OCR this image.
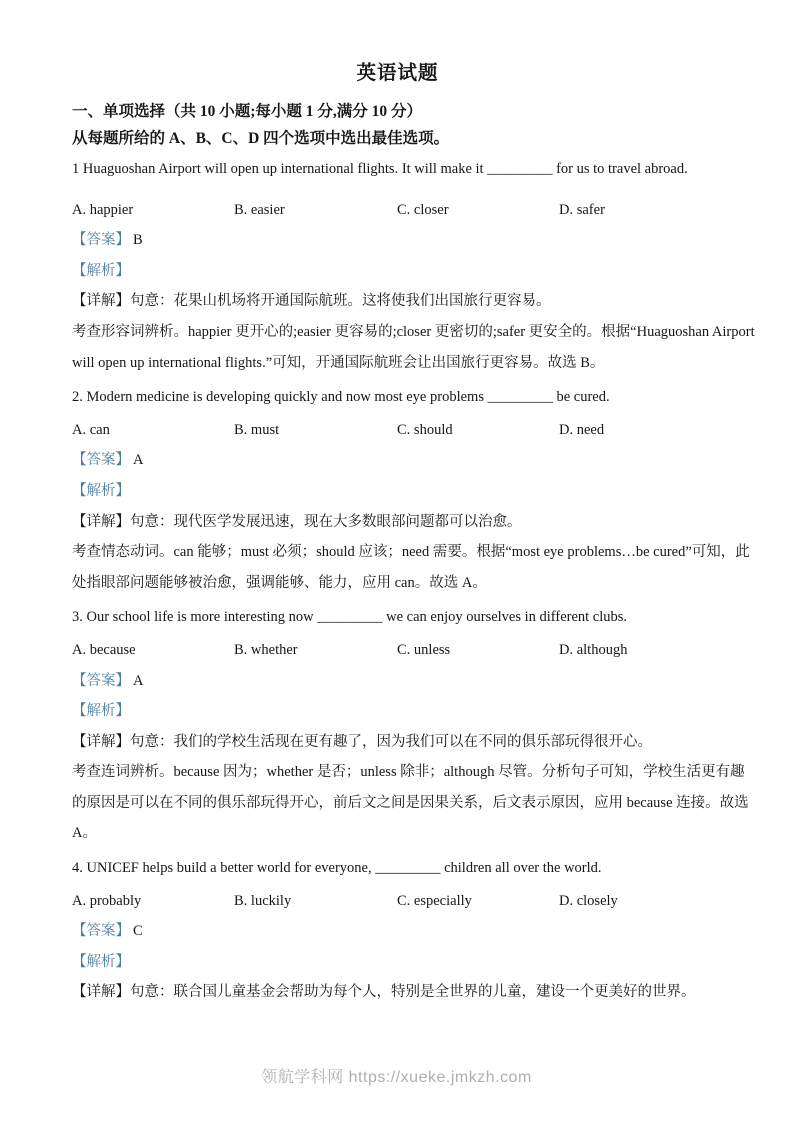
英语试题
一、单项选择（共 10 小题;每小题 1 分,满分 10 分）
从每题所给的 A、B、C、D 四个选项中选出最佳选项。
1 Huaguoshan Airport will open up international flights. It will make it _________ for us to travel abroad.
A. happier	B. easier	C. closer	D. safer
【答案】 B
【解析】
【详解】句意：花果山机场将开通国际航班。这将使我们出国旅行更容易。
考查形容词辨析。happier 更开心的;easier 更容易的;closer 更密切的;safer 更安全的。根据“Huaguoshan Airport
will open up international flights.”可知，开通国际航班会让出国旅行更容易。故选 B。
2. Modern medicine is developing quickly and now most eye problems _________ be cured.
A. can	B. must	C. should	D. need
【答案】 A
【解析】
【详解】句意：现代医学发展迅速，现在大多数眼部问题都可以治愈。
考查情态动词。can 能够；must 必须；should 应该；need 需要。根据“most eye problems…be cured”可知，此
处指眼部问题能够被治愈，强调能够、能力，应用 can。故选 A。
3. Our school life is more interesting now _________ we can enjoy ourselves in different clubs.
A. because	B. whether	C. unless	D. although
【答案】 A
【解析】
【详解】句意：我们的学校生活现在更有趣了，因为我们可以在不同的俱乐部玩得很开心。
考查连词辨析。because 因为；whether 是否；unless 除非；although 尽管。分析句子可知，学校生活更有趣
的原因是可以在不同的俱乐部玩得开心，前后文之间是因果关系，后文表示原因，应用 because 连接。故选
A。
4. UNICEF helps build a better world for everyone, _________ children all over the world.
A. probably	B. luckily	C. especially	D. closely
【答案】 C
【解析】
【详解】句意：联合国儿童基金会帮助为每个人，特别是全世界的儿童，建设一个更美好的世界。
领航学科网 https://xueke.jmkzh.com
